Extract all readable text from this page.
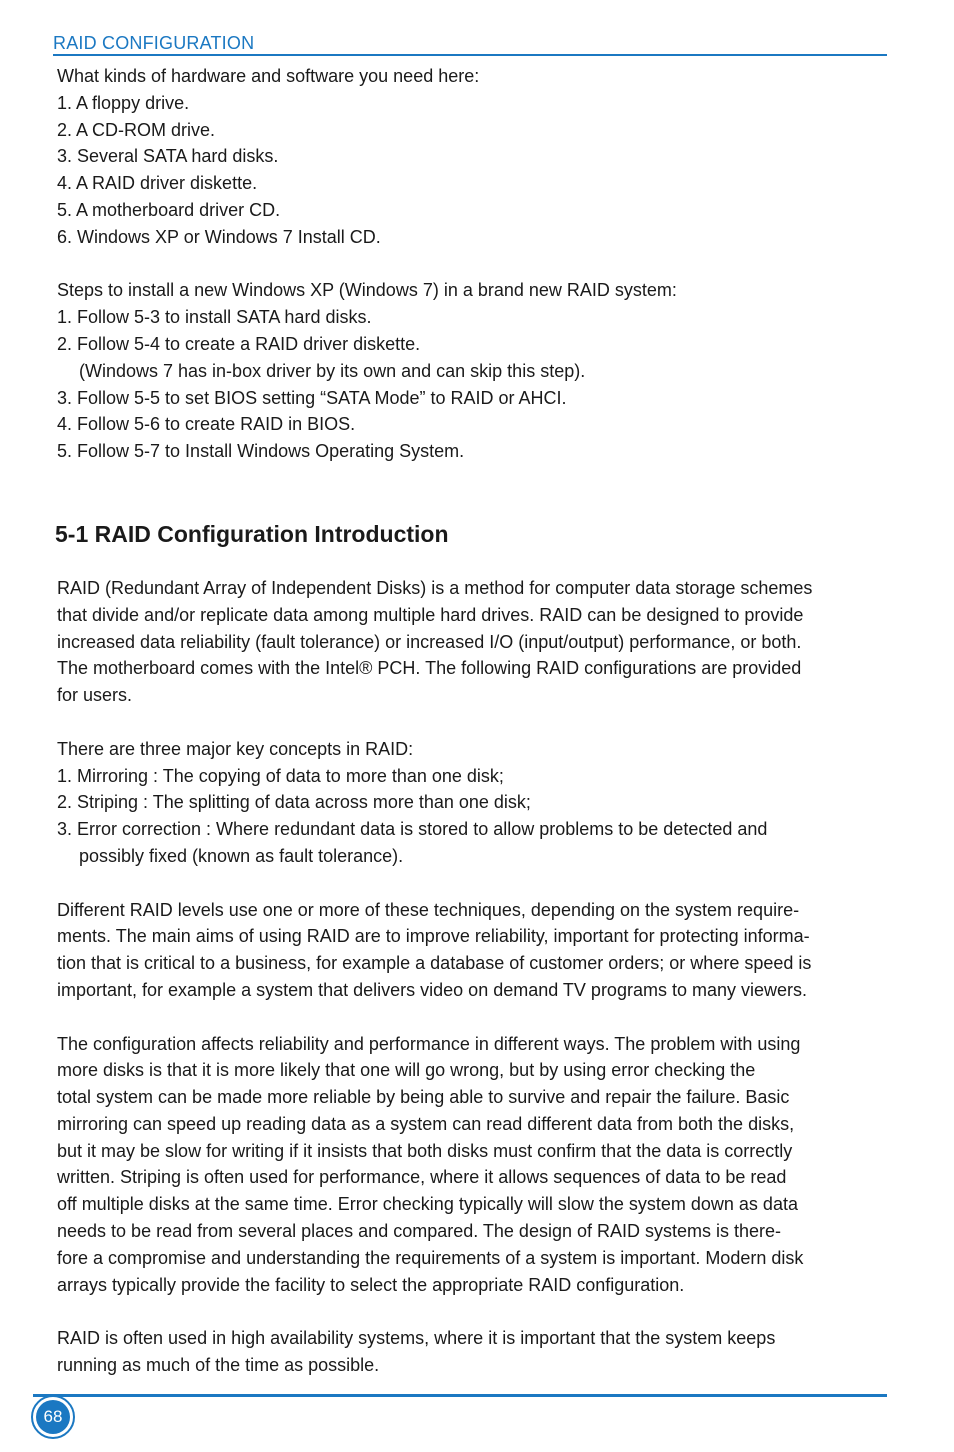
RAID CONFIGURATION
What kinds of hardware and software you need here:
1. A floppy drive.
2. A CD-ROM drive.
3. Several SATA hard disks.
4. A RAID driver diskette.
5. A motherboard driver CD.
6. Windows XP or Windows 7 Install CD.
Steps to install a new Windows XP (Windows 7) in a brand new RAID system:
1. Follow 5-3 to install SATA hard disks.
2. Follow 5-4 to create a RAID driver diskette.
(Windows 7 has in-box driver by its own and can skip this step).
3. Follow 5-5 to set BIOS setting “SATA Mode” to RAID or AHCI.
4. Follow 5-6 to create RAID in BIOS.
5. Follow 5-7 to Install Windows Operating System.
5-1 RAID Configuration Introduction
RAID (Redundant Array of Independent Disks) is a method for computer data storage schemes
that divide and/or replicate data among multiple hard drives. RAID can be designed to provide
increased data reliability (fault tolerance) or increased I/O (input/output) performance, or both.
The motherboard comes with the Intel® PCH. The following RAID configurations are provided
for users.
There are three major key concepts in RAID:
1. Mirroring : The copying of data to more than one disk;
2. Striping : The splitting of data across more than one disk;
3. Error correction : Where redundant data is stored to allow problems to be detected and
possibly fixed (known as fault tolerance).
Different RAID levels use one or more of these techniques, depending on the system require-
ments. The main aims of using RAID are to improve reliability, important for protecting informa-
tion that is critical to a business, for example a database of customer orders; or where speed is
important, for example a system that delivers video on demand TV programs to many viewers.
The configuration affects reliability and performance in different ways. The problem with using
more disks is that it is more likely that one will go wrong, but by using error checking the
total system can be made more reliable by being able to survive and repair the failure. Basic
mirroring can speed up reading data as a system can read different data from both the disks,
but it may be slow for writing if it insists that both disks must confirm that the data is correctly
written. Striping is often used for performance, where it allows sequences of data to be read
off multiple disks at the same time. Error checking typically will slow the system down as data
needs to be read from several places and compared. The design of RAID systems is there-
fore a compromise and understanding the requirements of a system is important. Modern disk
arrays typically provide the facility to select the appropriate RAID configuration.
RAID is often used in high availability systems, where it is important that the system keeps
running as much of the time as possible.
68
